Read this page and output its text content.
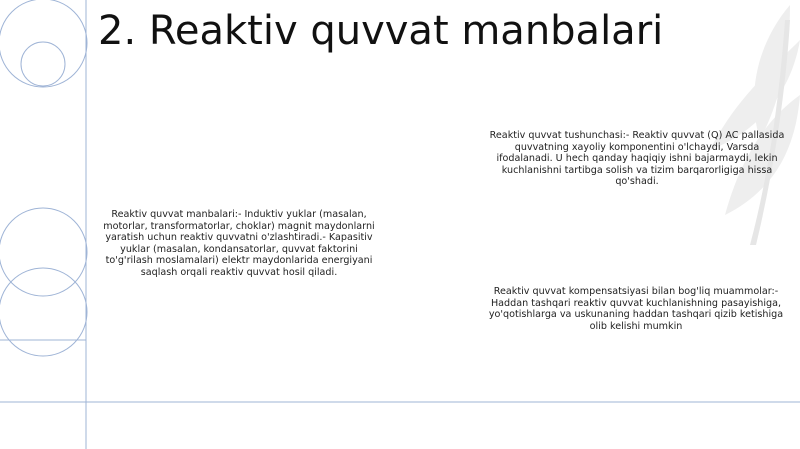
2. Reaktiv quvvat manbalari

Reaktiv quvvat tushunchasi:- Reaktiv quvvat (Q) AC pallasida quvvatning xayoliy komponentini o'lchaydi, Varsda ifodalanadi. U hech qanday haqiqiy ishni bajarmaydi, lekin kuchlanishni tartibga solish va tizim barqarorligiga hissa qo'shadi.

Reaktiv quvvat manbalari:- Induktiv yuklar (masalan, motorlar, transformatorlar, choklar) magnit maydonlarni yaratish uchun reaktiv quvvatni o'zlashtiradi.- Kapasitiv yuklar (masalan, kondansatorlar, quvvat faktorini to'g'rilash moslamalari) elektr maydonlarida energiyani saqlash orqali reaktiv quvvat hosil qiladi.

Reaktiv quvvat kompensatsiyasi bilan bog'liq muammolar:- Haddan tashqari reaktiv quvvat kuchlanishning pasayishiga, yo'qotishlarga va uskunaning haddan tashqari qizib ketishiga olib kelishi mumkin
